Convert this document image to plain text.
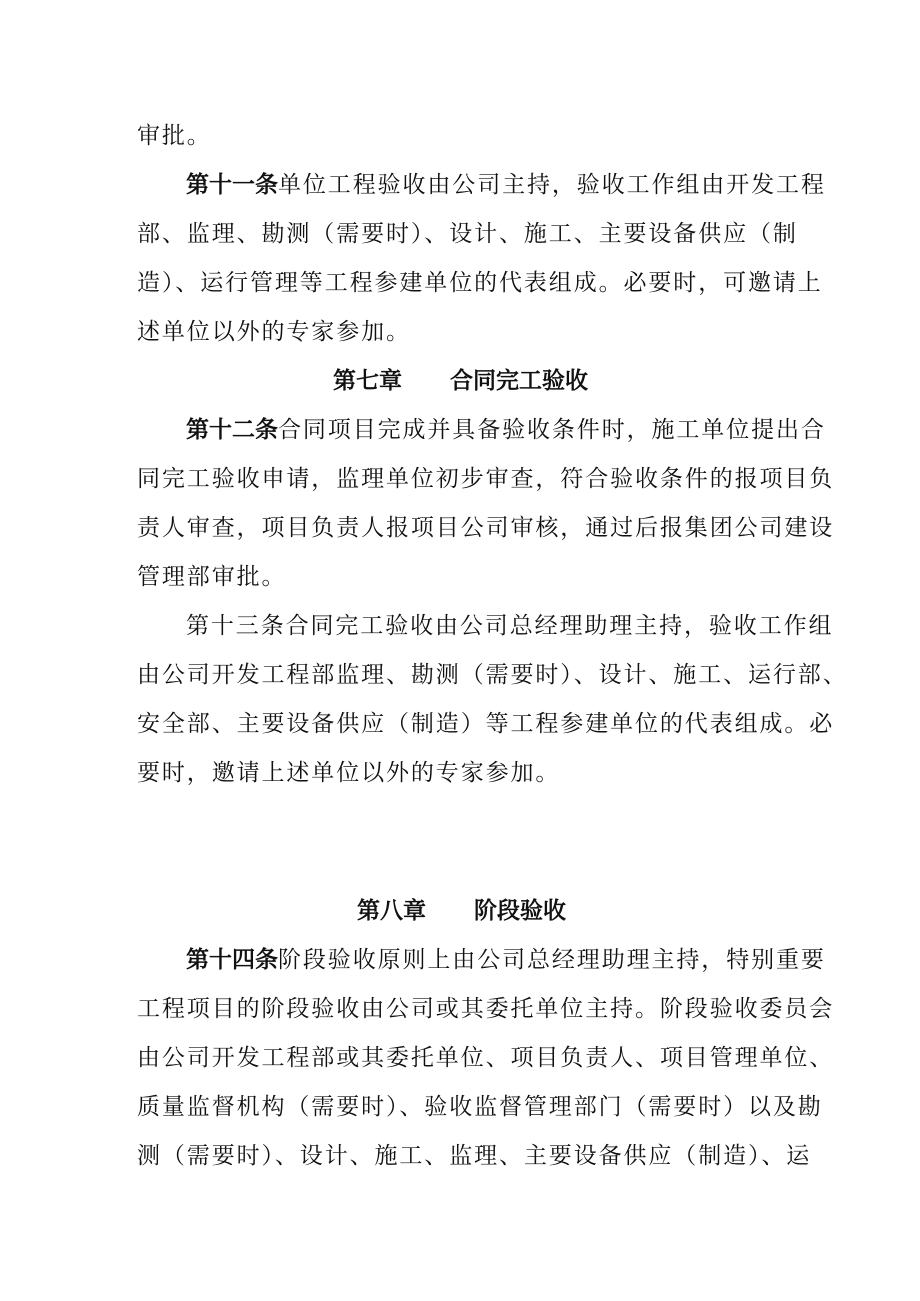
审批。
第十一条单位工程验收由公司主持，验收工作组由开发工程
部、监理、勘测（需要时）、设计、施工、主要设备供应（制
造）、运行管理等工程参建单位的代表组成。必要时，可邀请上
述单位以外的专家参加。
第七章 合同完工验收
第十二条合同项目完成并具备验收条件时，施工单位提出合
同完工验收申请，监理单位初步审查，符合验收条件的报项目负
责人审查，项目负责人报项目公司审核，通过后报集团公司建设
管理部审批。
第十三条合同完工验收由公司总经理助理主持，验收工作组
由公司开发工程部监理、勘测（需要时）、设计、施工、运行部、
安全部、主要设备供应（制造）等工程参建单位的代表组成。必
要时，邀请上述单位以外的专家参加。
第八章 阶段验收
第十四条阶段验收原则上由公司总经理助理主持，特别重要
工程项目的阶段验收由公司或其委托单位主持。阶段验收委员会
由公司开发工程部或其委托单位、项目负责人、项目管理单位、
质量监督机构（需要时）、验收监督管理部门（需要时）以及勘
测（需要时）、设计、施工、监理、主要设备供应（制造）、运
